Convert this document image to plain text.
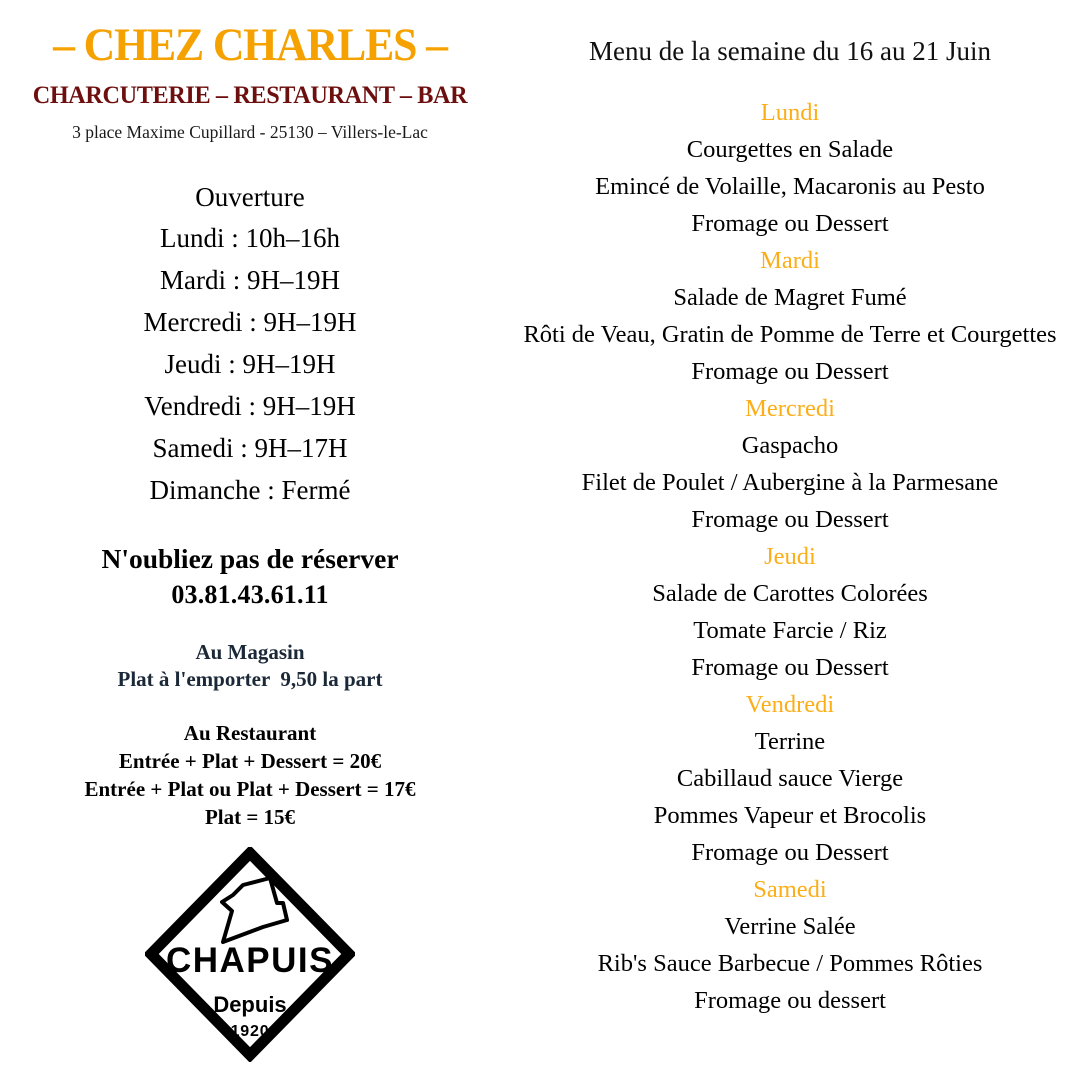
– CHEZ CHARLES –
CHARCUTERIE – RESTAURANT – BAR
3 place Maxime Cupillard - 25130 – Villers-le-Lac
Ouverture
Lundi : 10h–16h
Mardi : 9H–19H
Mercredi : 9H–19H
Jeudi : 9H–19H
Vendredi : 9H–19H
Samedi : 9H–17H
Dimanche : Fermé
N'oubliez pas de réserver
03.81.43.61.11
Au Magasin
Plat à l'emporter  9,50 la part
Au Restaurant
Entrée + Plat + Dessert = 20€
Entrée + Plat ou Plat + Dessert = 17€
Plat = 15€
CHAPUIS
Depuis
1920
Menu de la semaine du 16 au 21 Juin
Lundi
Courgettes en Salade
Emincé de Volaille, Macaronis au Pesto
Fromage ou Dessert
Mardi
Salade de Magret Fumé
Rôti de Veau, Gratin de Pomme de Terre et Courgettes
Fromage ou Dessert
Mercredi
Gaspacho
Filet de Poulet / Aubergine à la Parmesane
Fromage ou Dessert
Jeudi
Salade de Carottes Colorées
Tomate Farcie / Riz
Fromage ou Dessert
Vendredi
Terrine
Cabillaud sauce Vierge
Pommes Vapeur et Brocolis
Fromage ou Dessert
Samedi
Verrine Salée
Rib's Sauce Barbecue / Pommes Rôties
Fromage ou dessert
